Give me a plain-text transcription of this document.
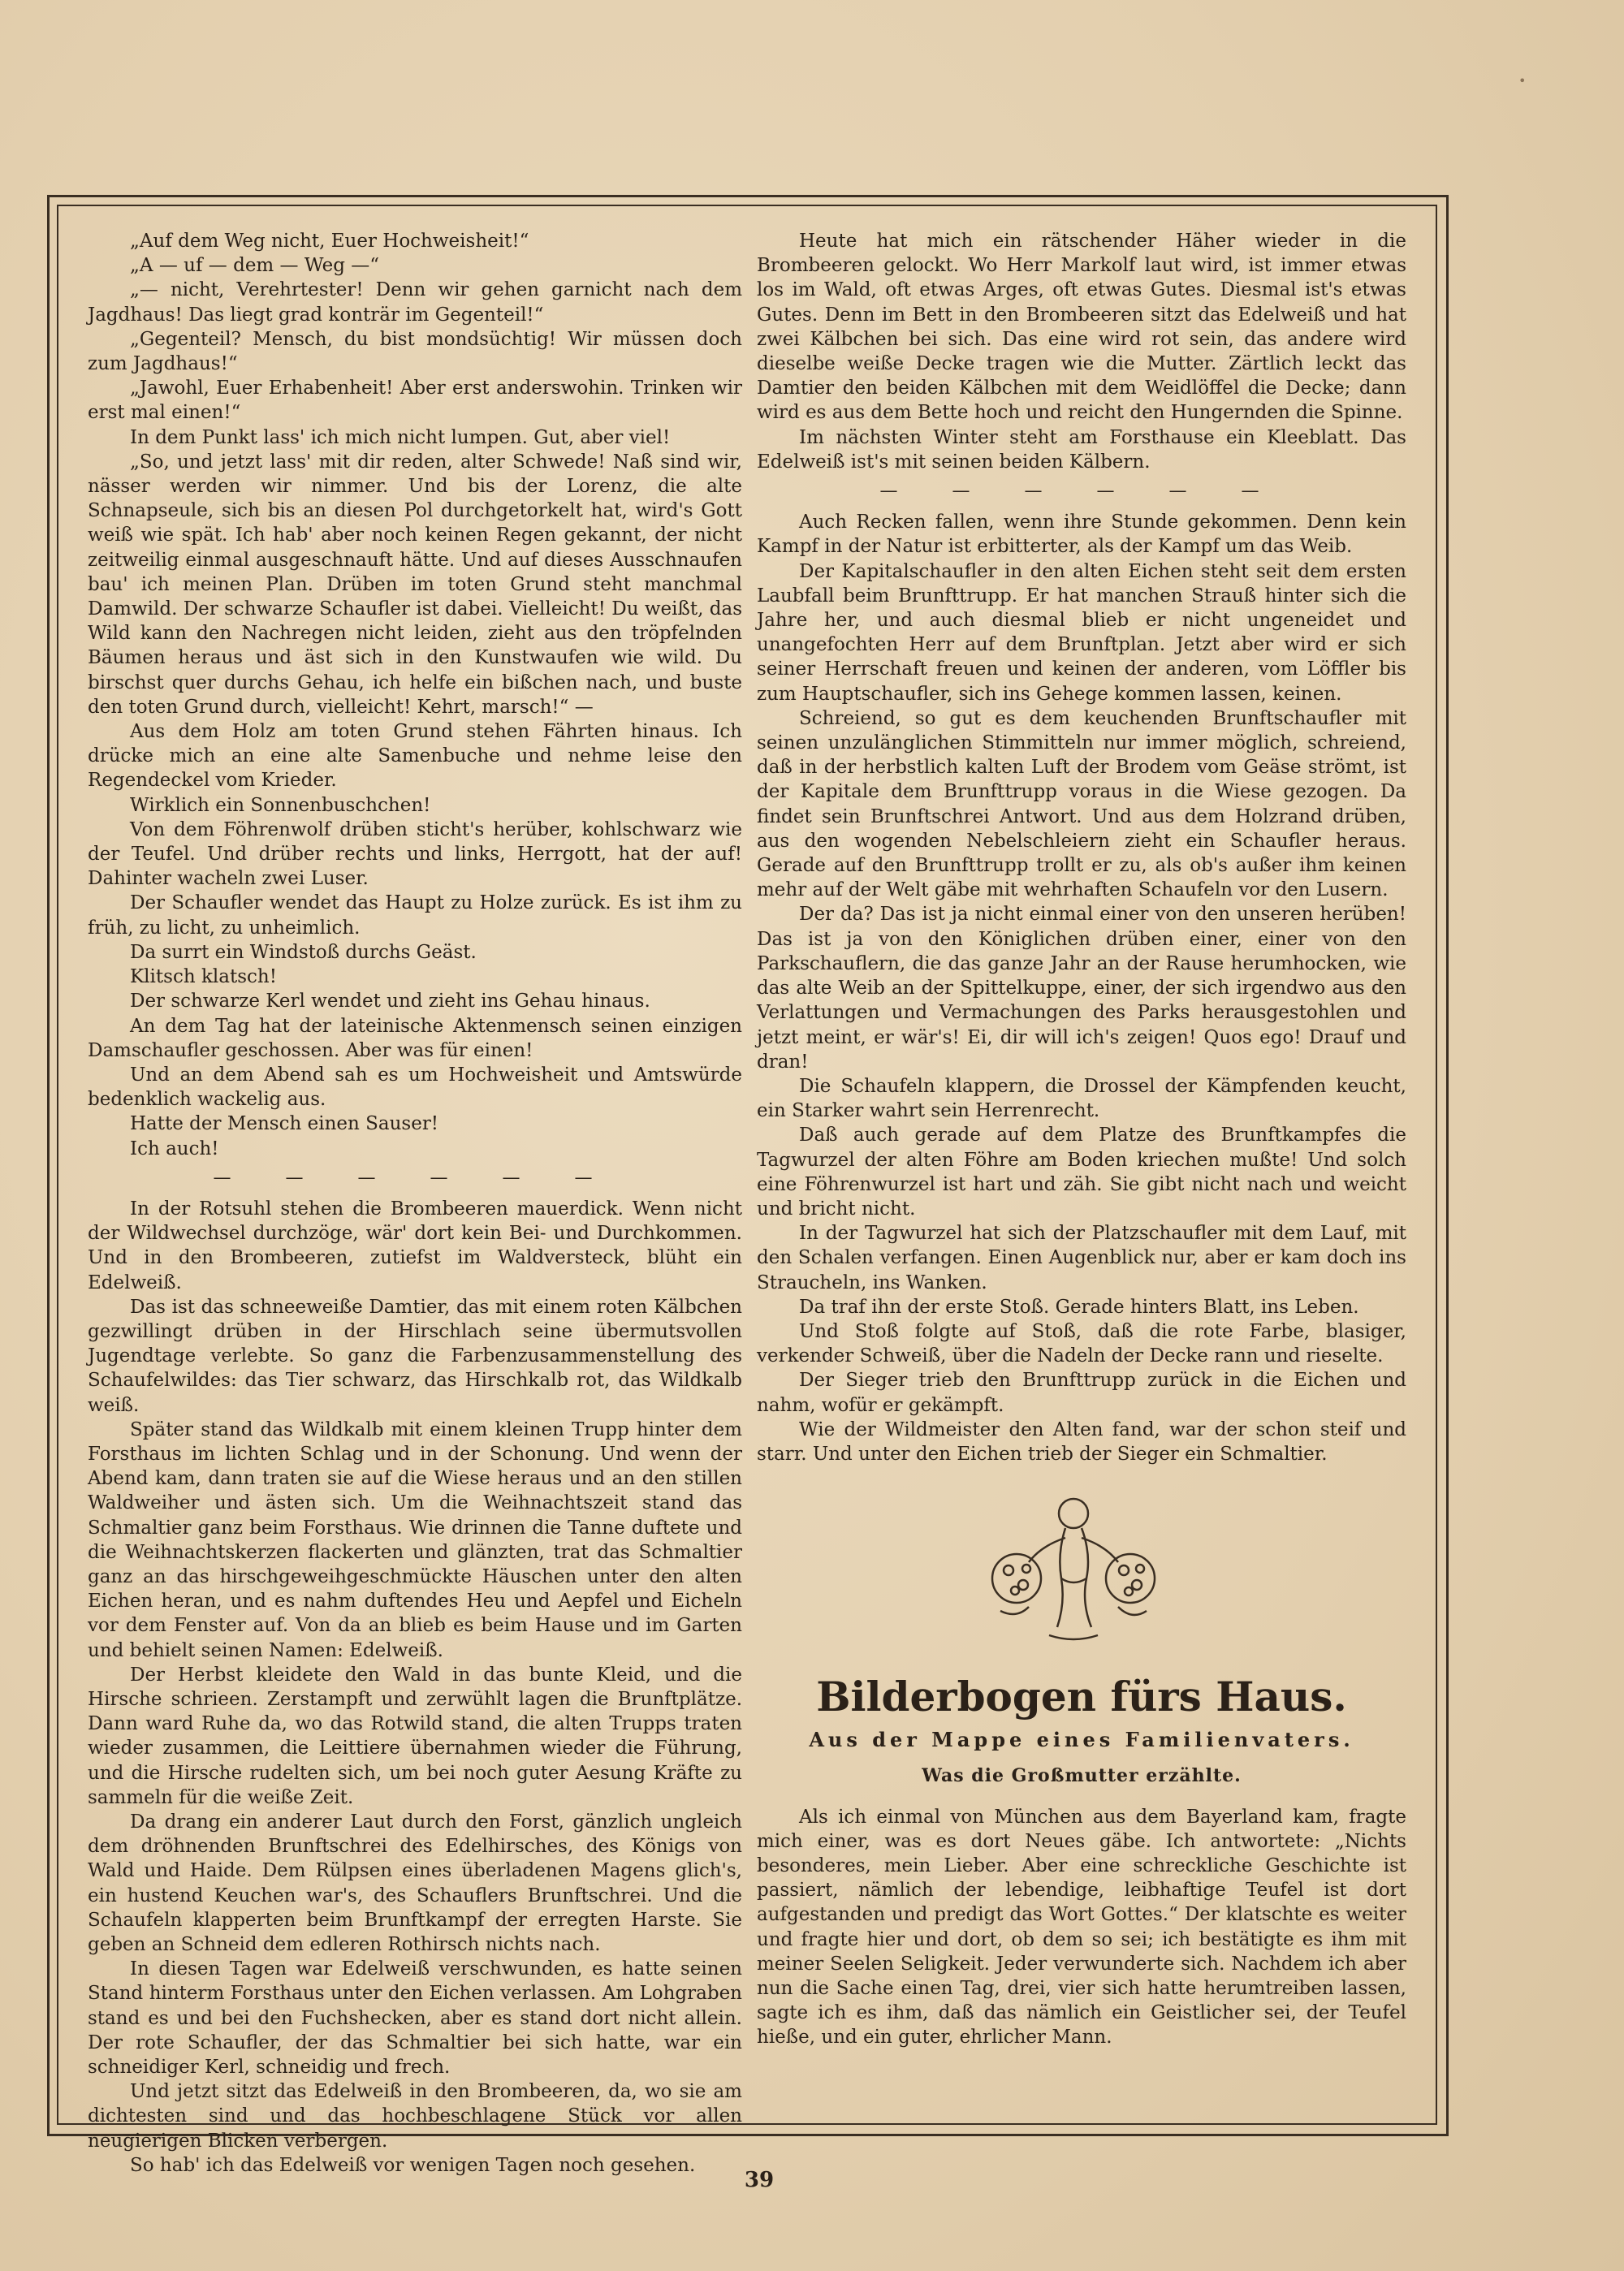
„Auf dem Weg nicht, Euer Hochweisheit!“

„A — uf — dem — Weg —“

„— nicht, Verehrtester! Denn wir gehen garnicht nach dem Jagdhaus! Das liegt grad konträr im Gegenteil!“

„Gegenteil? Mensch, du bist mondsüchtig! Wir müssen doch zum Jagdhaus!“

„Jawohl, Euer Erhabenheit! Aber erst anderswohin. Trinken wir erst mal einen!“

In dem Punkt lass' ich mich nicht lumpen. Gut, aber viel!

„So, und jetzt lass' mit dir reden, alter Schwede! Naß sind wir, nässer werden wir nimmer. Und bis der Lorenz, die alte Schnapseule, sich bis an diesen Pol durchgetorkelt hat, wird's Gott weiß wie spät. Ich hab' aber noch keinen Regen gekannt, der nicht zeitweilig einmal ausgeschnauft hätte. Und auf dieses Ausschnaufen bau' ich meinen Plan. Drüben im toten Grund steht manchmal Damwild. Der schwarze Schaufler ist dabei. Vielleicht! Du weißt, das Wild kann den Nachregen nicht leiden, zieht aus den tröpfelnden Bäumen heraus und äst sich in den Kunstwaufen wie wild. Du birschst quer durchs Gehau, ich helfe ein bißchen nach, und buste den toten Grund durch, vielleicht! Kehrt, marsch!“ —

Aus dem Holz am toten Grund stehen Fährten hinaus. Ich drücke mich an eine alte Samenbuche und nehme leise den Regendeckel vom Krieder.

Wirklich ein Sonnenbuschchen!

Von dem Föhrenwolf drüben sticht's herüber, kohlschwarz wie der Teufel. Und drüber rechts und links, Herrgott, hat der auf! Dahinter wacheln zwei Luser.

Der Schaufler wendet das Haupt zu Holze zurück. Es ist ihm zu früh, zu licht, zu unheimlich.

Da surrt ein Windstoß durchs Geäst.

Klitsch klatsch!

Der schwarze Kerl wendet und zieht ins Gehau hinaus.

An dem Tag hat der lateinische Aktenmensch seinen einzigen Damschaufler geschossen. Aber was für einen!

Und an dem Abend sah es um Hochweisheit und Amtswürde bedenklich wackelig aus.

Hatte der Mensch einen Sauser!

Ich auch!

— — — — — —

In der Rotsuhl stehen die Brombeeren mauerdick. Wenn nicht der Wildwechsel durchzöge, wär' dort kein Bei- und Durchkommen. Und in den Brombeeren, zutiefst im Waldversteck, blüht ein Edelweiß.

Das ist das schneeweiße Damtier, das mit einem roten Kälbchen gezwillingt drüben in der Hirschlach seine übermutsvollen Jugendtage verlebte. So ganz die Farbenzusammenstellung des Schaufelwildes: das Tier schwarz, das Hirschkalb rot, das Wildkalb weiß.

Später stand das Wildkalb mit einem kleinen Trupp hinter dem Forsthaus im lichten Schlag und in der Schonung. Und wenn der Abend kam, dann traten sie auf die Wiese heraus und an den stillen Waldweiher und ästen sich. Um die Weihnachtszeit stand das Schmaltier ganz beim Forsthaus. Wie drinnen die Tanne duftete und die Weihnachtskerzen flackerten und glänzten, trat das Schmaltier ganz an das hirschgeweihgeschmückte Häuschen unter den alten Eichen heran, und es nahm duftendes Heu und Aepfel und Eicheln vor dem Fenster auf. Von da an blieb es beim Hause und im Garten und behielt seinen Namen: Edelweiß.

Der Herbst kleidete den Wald in das bunte Kleid, und die Hirsche schrieen. Zerstampft und zerwühlt lagen die Brunftplätze. Dann ward Ruhe da, wo das Rotwild stand, die alten Trupps traten wieder zusammen, die Leittiere übernahmen wieder die Führung, und die Hirsche rudelten sich, um bei noch guter Aesung Kräfte zu sammeln für die weiße Zeit.

Da drang ein anderer Laut durch den Forst, gänzlich ungleich dem dröhnenden Brunftschrei des Edelhirsches, des Königs von Wald und Haide. Dem Rülpsen eines überladenen Magens glich's, ein hustend Keuchen war's, des Schauflers Brunftschrei. Und die Schaufeln klapperten beim Brunftkampf der erregten Harste. Sie geben an Schneid dem edleren Rothirsch nichts nach.

In diesen Tagen war Edelweiß verschwunden, es hatte seinen Stand hinterm Forsthaus unter den Eichen verlassen. Am Lohgraben stand es und bei den Fuchshecken, aber es stand dort nicht allein. Der rote Schaufler, der das Schmaltier bei sich hatte, war ein schneidiger Kerl, schneidig und frech.

Und jetzt sitzt das Edelweiß in den Brombeeren, da, wo sie am dichtesten sind und das hochbeschlagene Stück vor allen neugierigen Blicken verbergen.

So hab' ich das Edelweiß vor wenigen Tagen noch gesehen.

Heute hat mich ein rätschender Häher wieder in die Brombeeren gelockt. Wo Herr Markolf laut wird, ist immer etwas los im Wald, oft etwas Arges, oft etwas Gutes. Diesmal ist's etwas Gutes. Denn im Bett in den Brombeeren sitzt das Edelweiß und hat zwei Kälbchen bei sich. Das eine wird rot sein, das andere wird dieselbe weiße Decke tragen wie die Mutter. Zärtlich leckt das Damtier den beiden Kälbchen mit dem Weidlöffel die Decke; dann wird es aus dem Bette hoch und reicht den Hungernden die Spinne.

Im nächsten Winter steht am Forsthause ein Kleeblatt. Das Edelweiß ist's mit seinen beiden Kälbern.

— — — — — —

Auch Recken fallen, wenn ihre Stunde gekommen. Denn kein Kampf in der Natur ist erbitterter, als der Kampf um das Weib.

Der Kapitalschaufler in den alten Eichen steht seit dem ersten Laubfall beim Brunfttrupp. Er hat manchen Strauß hinter sich die Jahre her, und auch diesmal blieb er nicht ungeneidet und unangefochten Herr auf dem Brunftplan. Jetzt aber wird er sich seiner Herrschaft freuen und keinen der anderen, vom Löffler bis zum Hauptschaufler, sich ins Gehege kommen lassen, keinen.

Schreiend, so gut es dem keuchenden Brunftschaufler mit seinen unzulänglichen Stimmitteln nur immer möglich, schreiend, daß in der herbstlich kalten Luft der Brodem vom Geäse strömt, ist der Kapitale dem Brunfttrupp voraus in die Wiese gezogen. Da findet sein Brunftschrei Antwort. Und aus dem Holzrand drüben, aus den wogenden Nebelschleiern zieht ein Schaufler heraus. Gerade auf den Brunfttrupp trollt er zu, als ob's außer ihm keinen mehr auf der Welt gäbe mit wehrhaften Schaufeln vor den Lusern.

Der da? Das ist ja nicht einmal einer von den unseren herüben! Das ist ja von den Königlichen drüben einer, einer von den Parkschauflern, die das ganze Jahr an der Rause herumhocken, wie das alte Weib an der Spittelkuppe, einer, der sich irgendwo aus den Verlattungen und Vermachungen des Parks herausgestohlen und jetzt meint, er wär's! Ei, dir will ich's zeigen! Quos ego! Drauf und dran!

Die Schaufeln klappern, die Drossel der Kämpfenden keucht, ein Starker wahrt sein Herrenrecht.

Daß auch gerade auf dem Platze des Brunftkampfes die Tagwurzel der alten Föhre am Boden kriechen mußte! Und solch eine Föhrenwurzel ist hart und zäh. Sie gibt nicht nach und weicht und bricht nicht.

In der Tagwurzel hat sich der Platzschaufler mit dem Lauf, mit den Schalen verfangen. Einen Augenblick nur, aber er kam doch ins Straucheln, ins Wanken.

Da traf ihn der erste Stoß. Gerade hinters Blatt, ins Leben.

Und Stoß folgte auf Stoß, daß die rote Farbe, blasiger, verkender Schweiß, über die Nadeln der Decke rann und rieselte.

Der Sieger trieb den Brunfttrupp zurück in die Eichen und nahm, wofür er gekämpft.

Wie der Wildmeister den Alten fand, war der schon steif und starr. Und unter den Eichen trieb der Sieger ein Schmaltier.

Bilderbogen fürs Haus.
Aus der Mappe eines Familienvaters.
Was die Großmutter erzählte.

Als ich einmal von München aus dem Bayerland kam, fragte mich einer, was es dort Neues gäbe. Ich antwortete: „Nichts besonderes, mein Lieber. Aber eine schreckliche Geschichte ist passiert, nämlich der lebendige, leibhaftige Teufel ist dort aufgestanden und predigt das Wort Gottes.“ Der klatschte es weiter und fragte hier und dort, ob dem so sei; ich bestätigte es ihm mit meiner Seelen Seligkeit. Jeder verwunderte sich. Nachdem ich aber nun die Sache einen Tag, drei, vier sich hatte herumtreiben lassen, sagte ich es ihm, daß das nämlich ein Geistlicher sei, der Teufel hieße, und ein guter, ehrlicher Mann.

39
•
